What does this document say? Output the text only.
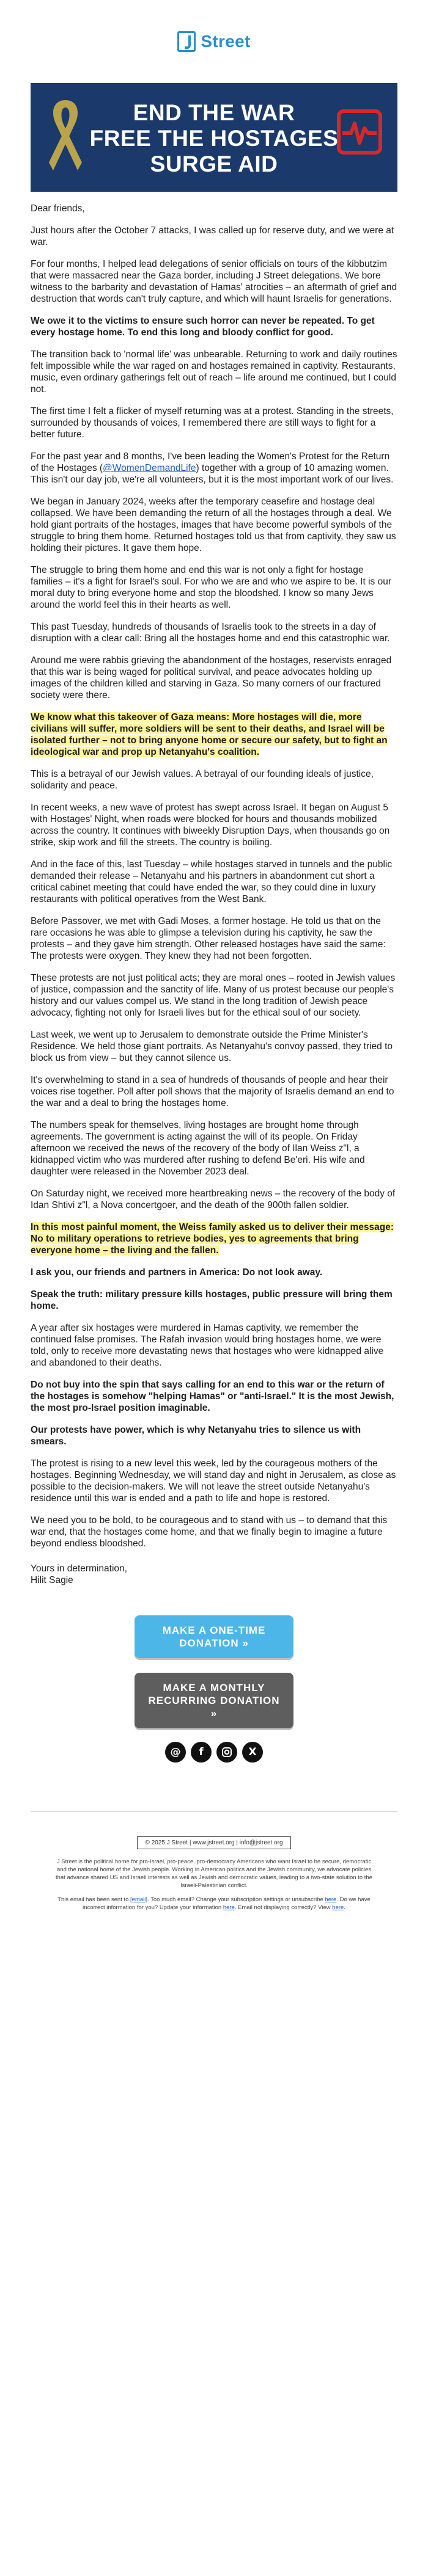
Street
END THE WAR
FREE THE HOSTAGES
SURGE AID

Dear friends,

Just hours after the October 7 attacks, I was called up for reserve duty, and we were at war.

For four months, I helped lead delegations of senior officials on tours of the kibbutzim that were massacred near the Gaza border, including J Street delegations. We bore witness to the barbarity and devastation of Hamas' atrocities – an aftermath of grief and destruction that words can't truly capture, and which will haunt Israelis for generations.

We owe it to the victims to ensure such horror can never be repeated. To get every hostage home. To end this long and bloody conflict for good.

The transition back to 'normal life' was unbearable. Returning to work and daily routines felt impossible while the war raged on and hostages remained in captivity. Restaurants, music, even ordinary gatherings felt out of reach – life around me continued, but I could not.

The first time I felt a flicker of myself returning was at a protest. Standing in the streets, surrounded by thousands of voices, I remembered there are still ways to fight for a better future.

For the past year and 8 months, I've been leading the Women's Protest for the Return of the Hostages (@WomenDemandLife) together with a group of 10 amazing women. This isn't our day job, we're all volunteers, but it is the most important work of our lives.

We began in January 2024, weeks after the temporary ceasefire and hostage deal collapsed. We have been demanding the return of all the hostages through a deal. We hold giant portraits of the hostages, images that have become powerful symbols of the struggle to bring them home. Returned hostages told us that from captivity, they saw us holding their pictures. It gave them hope.

The struggle to bring them home and end this war is not only a fight for hostage families – it's a fight for Israel's soul. For who we are and who we aspire to be. It is our moral duty to bring everyone home and stop the bloodshed. I know so many Jews around the world feel this in their hearts as well.

This past Tuesday, hundreds of thousands of Israelis took to the streets in a day of disruption with a clear call: Bring all the hostages home and end this catastrophic war.

Around me were rabbis grieving the abandonment of the hostages, reservists enraged that this war is being waged for political survival, and peace advocates holding up images of the children killed and starving in Gaza. So many corners of our fractured society were there.

We know what this takeover of Gaza means: More hostages will die, more civilians will suffer, more soldiers will be sent to their deaths, and Israel will be isolated further – not to bring anyone home or secure our safety, but to fight an ideological war and prop up Netanyahu's coalition.

This is a betrayal of our Jewish values. A betrayal of our founding ideals of justice, solidarity and peace.

In recent weeks, a new wave of protest has swept across Israel. It began on August 5 with Hostages' Night, when roads were blocked for hours and thousands mobilized across the country. It continues with biweekly Disruption Days, when thousands go on strike, skip work and fill the streets. The country is boiling.

And in the face of this, last Tuesday – while hostages starved in tunnels and the public demanded their release – Netanyahu and his partners in abandonment cut short a critical cabinet meeting that could have ended the war, so they could dine in luxury restaurants with political operatives from the West Bank.

Before Passover, we met with Gadi Moses, a former hostage. He told us that on the rare occasions he was able to glimpse a television during his captivity, he saw the protests – and they gave him strength. Other released hostages have said the same: The protests were oxygen. They knew they had not been forgotten.

These protests are not just political acts; they are moral ones – rooted in Jewish values of justice, compassion and the sanctity of life. Many of us protest because our people's history and our values compel us. We stand in the long tradition of Jewish peace advocacy, fighting not only for Israeli lives but for the ethical soul of our society.

Last week, we went up to Jerusalem to demonstrate outside the Prime Minister's Residence. We held those giant portraits. As Netanyahu's convoy passed, they tried to block us from view – but they cannot silence us.

It's overwhelming to stand in a sea of hundreds of thousands of people and hear their voices rise together. Poll after poll shows that the majority of Israelis demand an end to the war and a deal to bring the hostages home.

The numbers speak for themselves, living hostages are brought home through agreements. The government is acting against the will of its people. On Friday afternoon we received the news of the recovery of the body of Ilan Weiss z"l, a kidnapped victim who was murdered after rushing to defend Be'eri. His wife and daughter were released in the November 2023 deal.

On Saturday night, we received more heartbreaking news – the recovery of the body of Idan Shtivi z"l, a Nova concertgoer, and the death of the 900th fallen soldier.

In this most painful moment, the Weiss family asked us to deliver their message: No to military operations to retrieve bodies, yes to agreements that bring everyone home – the living and the fallen.

I ask you, our friends and partners in America: Do not look away.

Speak the truth: military pressure kills hostages, public pressure will bring them home.

A year after six hostages were murdered in Hamas captivity, we remember the continued false promises. The Rafah invasion would bring hostages home, we were told, only to receive more devastating news that hostages who were kidnapped alive and abandoned to their deaths.

Do not buy into the spin that says calling for an end to this war or the return of the hostages is somehow "helping Hamas" or "anti-Israel." It is the most Jewish, the most pro-Israel position imaginable.

Our protests have power, which is why Netanyahu tries to silence us with smears.

The protest is rising to a new level this week, led by the courageous mothers of the hostages. Beginning Wednesday, we will stand day and night in Jerusalem, as close as possible to the decision-makers. We will not leave the street outside Netanyahu's residence until this war is ended and a path to life and hope is restored.

We need you to be bold, to be courageous and to stand with us – to demand that this war end, that the hostages come home, and that we finally begin to imagine a future beyond endless bloodshed.

Yours in determination,
Hilit Sagie
MAKE A ONE-TIME DONATION »
MAKE A MONTHLY RECURRING DONATION »
@	f	X
© 2025 J Street | www.jstreet.org | info@jstreet.org
J Street is the political home for pro-Israel, pro-peace, pro-democracy Americans who want Israel to be secure, democratic and the national home of the Jewish people. Working in American politics and the Jewish community, we advocate policies that advance shared US and Israeli interests as well as Jewish and democratic values, leading to a two-state solution to the Israeli-Palestinian conflict.
This email has been sent to [email]. Too much email? Change your subscription settings or unsubscribe here. Do we have incorrect information for you? Update your information here. Email not displaying correctly? View here.
